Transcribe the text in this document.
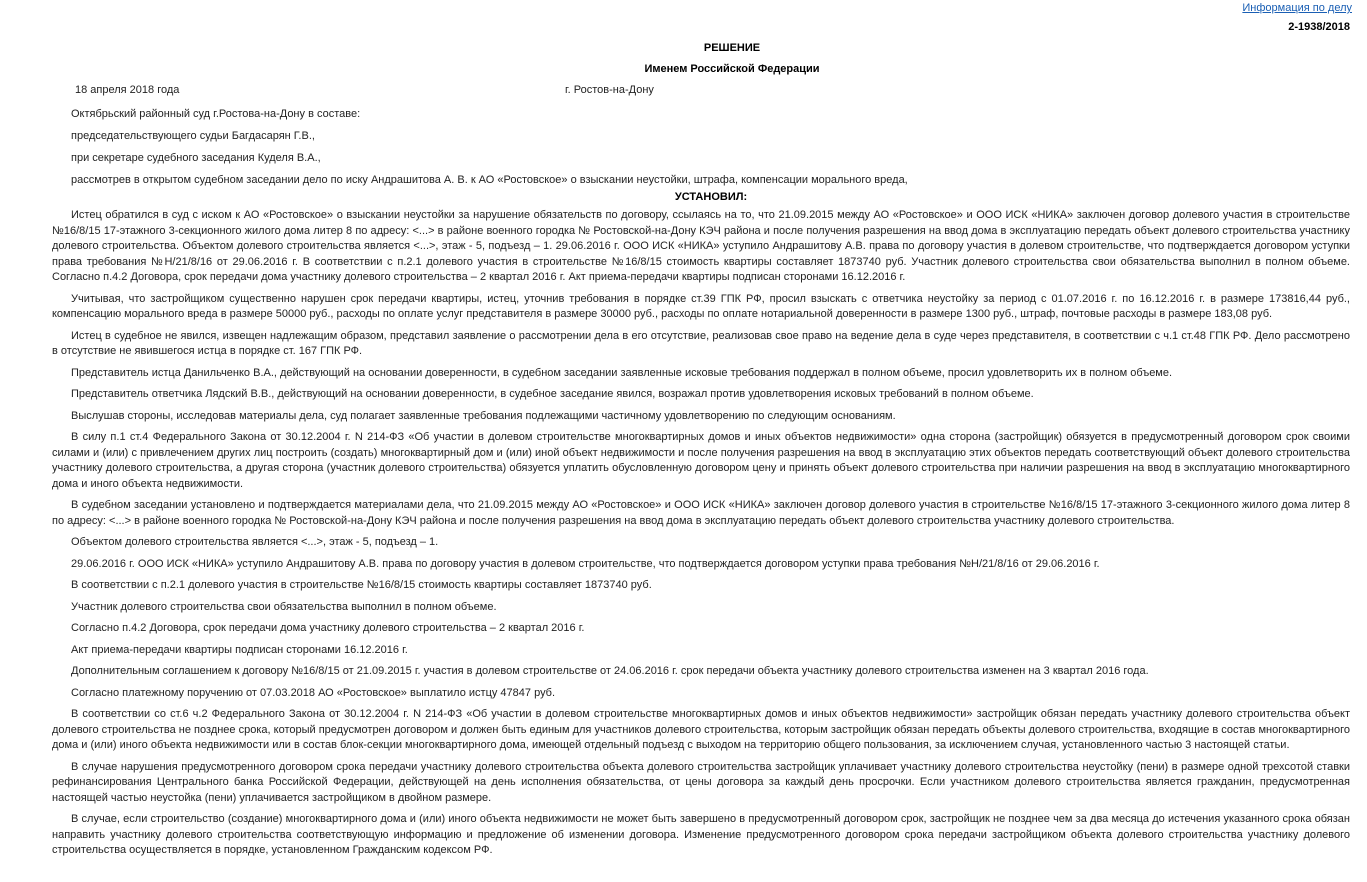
Информация по делу
2-1938/2018

РЕШЕНИЕ

Именем Российской Федерации

18 апреля 2018 года	г. Ростов-на-Дону

Октябрьский районный суд г.Ростова-на-Дону в составе:

председательствующего судьи Багдасарян Г.В.,

при секретаре судебного заседания Куделя В.А.,

рассмотрев в открытом судебном заседании дело по иску Андрашитова А. В. к АО «Ростовское» о взыскании неустойки, штрафа, компенсации морального вреда,

УСТАНОВИЛ:

Истец обратился в суд с иском к АО «Ростовское» о взыскании неустойки за нарушение обязательств по договору, ссылаясь на то, что 21.09.2015 между АО «Ростовское» и ООО ИСК «НИКА» заключен договор долевого участия в строительстве №16/8/15 17-этажного 3-секционного жилого дома литер 8 по адресу: <...> в районе военного городка № Ростовской-на-Дону КЭЧ района и после получения разрешения на ввод дома в эксплуатацию передать объект долевого строительства участнику долевого строительства. Объектом долевого строительства является <...>, этаж - 5, подъезд – 1. 29.06.2016 г. ООО ИСК «НИКА» уступило Андрашитову А.В. права по договору участия в долевом строительстве, что подтверждается договором уступки права требования №Н/21/8/16 от 29.06.2016 г. В соответствии с п.2.1 долевого участия в строительстве №16/8/15 стоимость квартиры составляет 1873740 руб. Участник долевого строительства свои обязательства выполнил в полном объеме. Согласно п.4.2 Договора, срок передачи дома участнику долевого строительства – 2 квартал 2016 г. Акт приема-передачи квартиры подписан сторонами 16.12.2016 г.

Учитывая, что застройщиком существенно нарушен срок передачи квартиры, истец, уточнив требования в порядке ст.39 ГПК РФ, просил взыскать с ответчика неустойку за период с 01.07.2016 г. по 16.12.2016 г. в размере 173816,44 руб., компенсацию морального вреда в размере 50000 руб., расходы по оплате услуг представителя в размере 30000 руб., расходы по оплате нотариальной доверенности в размере 1300 руб., штраф, почтовые расходы в размере 183,08 руб.

Истец в судебное не явился, извещен надлежащим образом, представил заявление о рассмотрении дела в его отсутствие, реализовав свое право на ведение дела в суде через представителя, в соответствии с ч.1 ст.48 ГПК РФ. Дело рассмотрено в отсутствие не явившегося истца в порядке ст. 167 ГПК РФ.

Представитель истца Данильченко В.А., действующий на основании доверенности, в судебном заседании заявленные исковые требования поддержал в полном объеме, просил удовлетворить их в полном объеме.

Представитель ответчика Лядский В.В., действующий на основании доверенности, в судебное заседание явился, возражал против удовлетворения исковых требований в полном объеме.

Выслушав стороны, исследовав материалы дела, суд полагает заявленные требования подлежащими частичному удовлетворению по следующим основаниям.

В силу п.1 ст.4 Федерального Закона от 30.12.2004 г. N 214-ФЗ «Об участии в долевом строительстве многоквартирных домов и иных объектов недвижимости» одна сторона (застройщик) обязуется в предусмотренный договором срок своими силами и (или) с привлечением других лиц построить (создать) многоквартирный дом и (или) иной объект недвижимости и после получения разрешения на ввод в эксплуатацию этих объектов передать соответствующий объект долевого строительства участнику долевого строительства, а другая сторона (участник долевого строительства) обязуется уплатить обусловленную договором цену и принять объект долевого строительства при наличии разрешения на ввод в эксплуатацию многоквартирного дома и иного объекта недвижимости.

В судебном заседании установлено и подтверждается материалами дела, что 21.09.2015 между АО «Ростовское» и ООО ИСК «НИКА» заключен договор долевого участия в строительстве №16/8/15 17-этажного 3-секционного жилого дома литер 8 по адресу: <...> в районе военного городка № Ростовской-на-Дону КЭЧ района и после получения разрешения на ввод дома в эксплуатацию передать объект долевого строительства участнику долевого строительства.

Объектом долевого строительства является <...>, этаж - 5, подъезд – 1.

29.06.2016 г. ООО ИСК «НИКА» уступило Андрашитову А.В. права по договору участия в долевом строительстве, что подтверждается договором уступки права требования №Н/21/8/16 от 29.06.2016 г.

В соответствии с п.2.1 долевого участия в строительстве №16/8/15 стоимость квартиры составляет 1873740 руб.

Участник долевого строительства свои обязательства выполнил в полном объеме.

Согласно п.4.2 Договора, срок передачи дома участнику долевого строительства – 2 квартал 2016 г.

Акт приема-передачи квартиры подписан сторонами 16.12.2016 г.

Дополнительным соглашением к договору №16/8/15 от 21.09.2015 г. участия в долевом строительстве от 24.06.2016 г. срок передачи объекта участнику долевого строительства изменен на 3 квартал 2016 года.

Согласно платежному поручению от 07.03.2018 АО «Ростовское» выплатило истцу 47847 руб.

В соответствии со ст.6 ч.2 Федерального Закона от 30.12.2004 г. N 214-ФЗ «Об участии в долевом строительстве многоквартирных домов и иных объектов недвижимости» застройщик обязан передать участнику долевого строительства объект долевого строительства не позднее срока, который предусмотрен договором и должен быть единым для участников долевого строительства, которым застройщик обязан передать объекты долевого строительства, входящие в состав многоквартирного дома и (или) иного объекта недвижимости или в состав блок-секции многоквартирного дома, имеющей отдельный подъезд с выходом на территорию общего пользования, за исключением случая, установленного частью 3 настоящей статьи.

В случае нарушения предусмотренного договором срока передачи участнику долевого строительства объекта долевого строительства застройщик уплачивает участнику долевого строительства неустойку (пени) в размере одной трехсотой ставки рефинансирования Центрального банка Российской Федерации, действующей на день исполнения обязательства, от цены договора за каждый день просрочки. Если участником долевого строительства является гражданин, предусмотренная настоящей частью неустойка (пени) уплачивается застройщиком в двойном размере.

В случае, если строительство (создание) многоквартирного дома и (или) иного объекта недвижимости не может быть завершено в предусмотренный договором срок, застройщик не позднее чем за два месяца до истечения указанного срока обязан направить участнику долевого строительства соответствующую информацию и предложение об изменении договора. Изменение предусмотренного договором срока передачи застройщиком объекта долевого строительства участнику долевого строительства осуществляется в порядке, установленном Гражданским кодексом РФ.
